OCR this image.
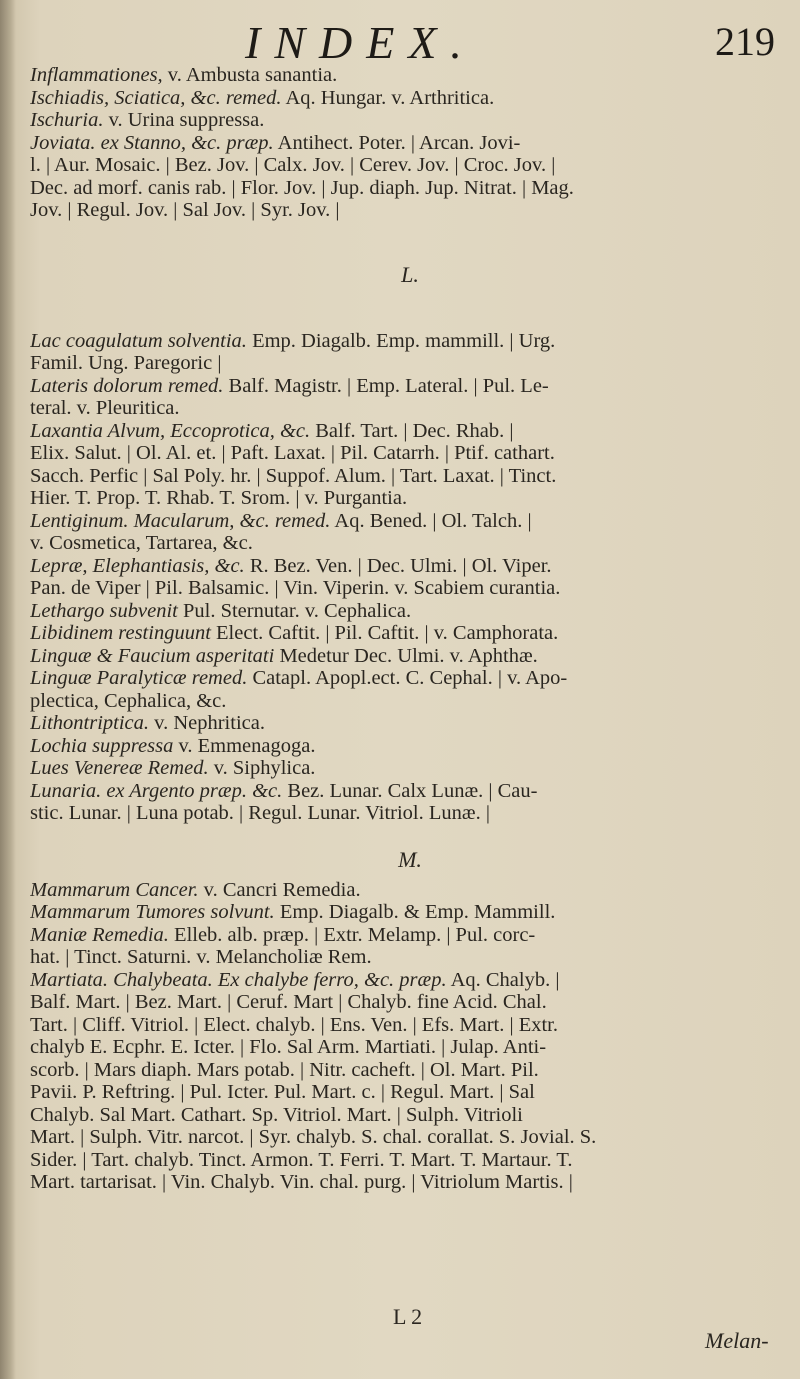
INDEX.	219
Inflammationes, v. Ambusta sanantia.
Ischiadis, Sciatica, &c. remed. Aq. Hungar. v. Arthritica.
Ischuria. v. Urina suppressa.
Joviata. ex Stanno, &c. præp. Antihect. Poter. | Arcan. Jovi-
l. | Aur. Mosaic. | Bez. Jov. | Calx. Jov. | Cerev. Jov. | Croc. Jov. |
Dec. ad morf. canis rab. | Flor. Jov. | Jup. diaph. Jup. Nitrat. | Mag.
Jov. | Regul. Jov. | Sal Jov. | Syr. Jov. |
L.
Lac coagulatum solventia. Emp. Diagalb. Emp. mammill. | Urg.
Famil. Ung. Paregoric |
Lateris dolorum remed. Balf. Magistr. | Emp. Lateral. | Pul. Le-
teral. v. Pleuritica.
Laxantia Alvum, Eccoprotica, &c. Balf. Tart. | Dec. Rhab. |
Elix. Salut. | Ol. Al. et. | Paft. Laxat. | Pil. Catarrh. | Ptif. cathart.
Sacch. Perfic | Sal Poly. hr. | Suppof. Alum. | Tart. Laxat. | Tinct.
Hier. T. Prop. T. Rhab. T. Srom. | v. Purgantia.
Lentiginum. Macularum, &c. remed. Aq. Bened. | Ol. Talch. |
v. Cosmetica, Tartarea, &c.
Lepræ, Elephantiasis, &c. R. Bez. Ven. | Dec. Ulmi. | Ol. Viper.
Pan. de Viper | Pil. Balsamic. | Vin. Viperin. v. Scabiem curantia.
Lethargo subvenit Pul. Sternutar. v. Cephalica.
Libidinem restinguunt Elect. Caftit. | Pil. Caftit. | v. Camphorata.
Linguæ & Faucium asperitati Medetur Dec. Ulmi. v. Aphthæ.
Linguæ Paralyticæ remed. Catapl. Apopl.ect. C. Cephal. | v. Apo-
plectica, Cephalica, &c.
Lithontriptica. v. Nephritica.
Lochia suppressa v. Emmenagoga.
Lues Venereæ Remed. v. Siphylica.
Lunaria. ex Argento præp. &c. Bez. Lunar. Calx Lunæ. | Cau-
stic. Lunar. | Luna potab. | Regul. Lunar. Vitriol. Lunæ. |
M.
Mammarum Cancer. v. Cancri Remedia.
Mammarum Tumores solvunt. Emp. Diagalb. & Emp. Mammill.
Maniæ Remedia. Elleb. alb. præp. | Extr. Melamp. | Pul. corc-
hat. | Tinct. Saturni. v. Melancholiæ Rem.
Martiata. Chalybeata. Ex chalybe ferro, &c. præp. Aq. Chalyb. |
Balf. Mart. | Bez. Mart. | Ceruf. Mart | Chalyb. fine Acid. Chal.
Tart. | Cliff. Vitriol. | Elect. chalyb. | Ens. Ven. | Efs. Mart. | Extr.
chalyb E. Ecphr. E. Icter. | Flo. Sal Arm. Martiati. | Julap. Anti-
scorb. | Mars diaph. Mars potab. | Nitr. cacheft. | Ol. Mart. Pil.
Pavii. P. Reftring. | Pul. Icter. Pul. Mart. c. | Regul. Mart. | Sal
Chalyb. Sal Mart. Cathart. Sp. Vitriol. Mart. | Sulph. Vitrioli
Mart. | Sulph. Vitr. narcot. | Syr. chalyb. S. chal. corallat. S. Jovial. S.
Sider. | Tart. chalyb. Tinct. Armon. T. Ferri. T. Mart. T. Martaur. T.
Mart. tartarisat. | Vin. Chalyb. Vin. chal. purg. | Vitriolum Martis. |
L 2
Melan-
